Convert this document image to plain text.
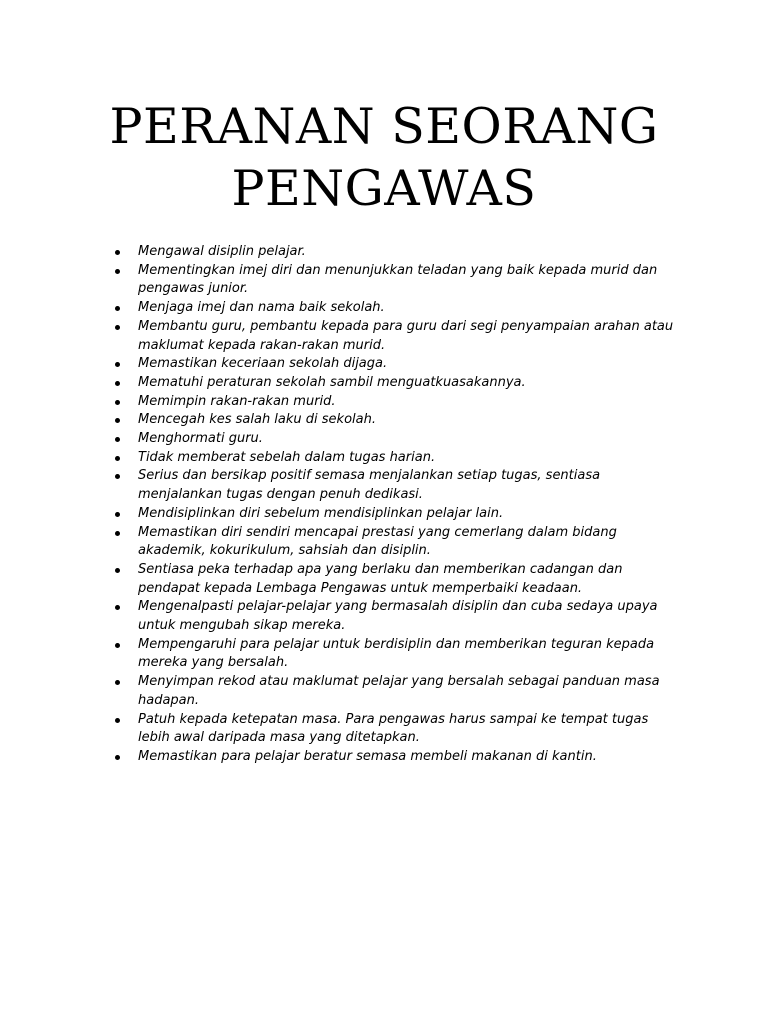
PERANAN SEORANG
PENGAWAS
Mengawal disiplin pelajar.
Mementingkan imej diri dan menunjukkan teladan yang baik kepada murid dan pengawas junior.
Menjaga imej dan nama baik sekolah.
Membantu guru, pembantu kepada para guru dari segi penyampaian arahan atau maklumat kepada rakan-rakan murid.
Memastikan keceriaan sekolah dijaga.
Mematuhi peraturan sekolah sambil menguatkuasakannya.
Memimpin rakan-rakan murid.
Mencegah kes salah laku di sekolah.
Menghormati guru.
Tidak memberat sebelah dalam tugas harian.
Serius dan bersikap positif semasa menjalankan setiap tugas, sentiasa menjalankan tugas dengan penuh dedikasi.
Mendisiplinkan diri sebelum mendisiplinkan pelajar lain.
Memastikan diri sendiri mencapai prestasi yang cemerlang dalam bidang akademik, kokurikulum, sahsiah dan disiplin.
Sentiasa peka terhadap apa yang berlaku dan memberikan cadangan dan pendapat kepada Lembaga Pengawas untuk memperbaiki keadaan.
Mengenalpasti pelajar-pelajar yang bermasalah disiplin dan cuba sedaya upaya untuk mengubah sikap mereka.
Mempengaruhi para pelajar untuk berdisiplin dan memberikan teguran kepada mereka yang bersalah.
Menyimpan rekod atau maklumat pelajar yang bersalah sebagai panduan masa hadapan.
Patuh kepada ketepatan masa. Para pengawas harus sampai ke tempat tugas lebih awal daripada masa yang ditetapkan.
Memastikan para pelajar beratur semasa membeli makanan di kantin.
